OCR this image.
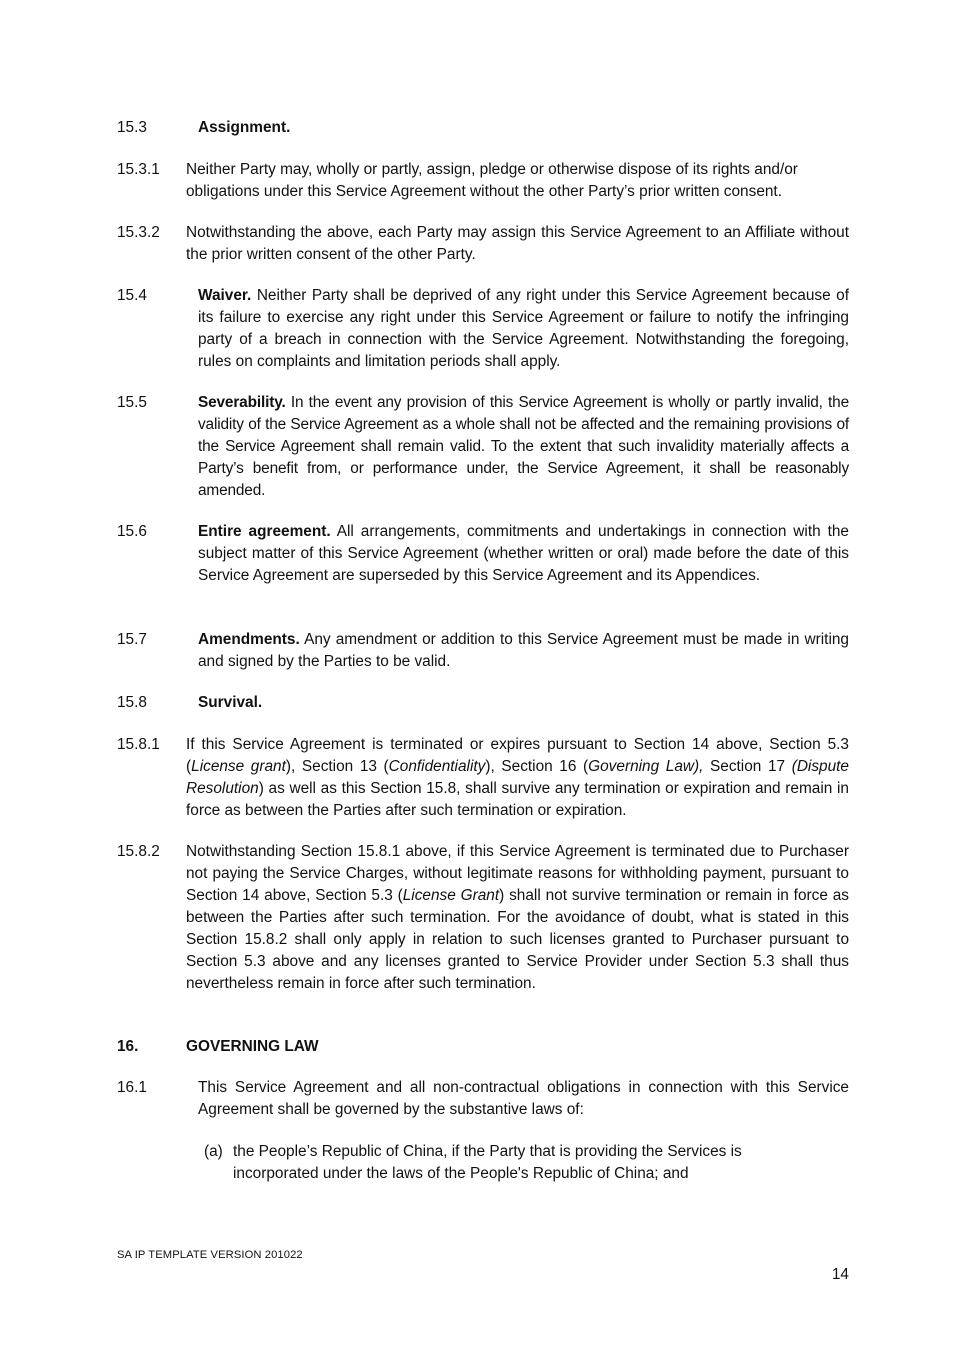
15.3	Assignment.
15.3.1 Neither Party may, wholly or partly, assign, pledge or otherwise dispose of its rights and/or obligations under this Service Agreement without the other Party’s prior written consent.
15.3.2 Notwithstanding the above, each Party may assign this Service Agreement to an Affiliate without the prior written consent of the other Party.
15.4	Waiver. Neither Party shall be deprived of any right under this Service Agreement because of its failure to exercise any right under this Service Agreement or failure to notify the infringing party of a breach in connection with the Service Agreement. Notwithstanding the foregoing, rules on complaints and limitation periods shall apply.
15.5	Severability. In the event any provision of this Service Agreement is wholly or partly invalid, the validity of the Service Agreement as a whole shall not be affected and the remaining provisions of the Service Agreement shall remain valid. To the extent that such invalidity materially affects a Party’s benefit from, or performance under, the Service Agreement, it shall be reasonably amended.
15.6	Entire agreement. All arrangements, commitments and undertakings in connection with the subject matter of this Service Agreement (whether written or oral) made before the date of this Service Agreement are superseded by this Service Agreement and its Appendices.
15.7	Amendments. Any amendment or addition to this Service Agreement must be made in writing and signed by the Parties to be valid.
15.8	Survival.
15.8.1 If this Service Agreement is terminated or expires pursuant to Section 14 above, Section 5.3 (License grant), Section 13 (Confidentiality), Section 16 (Governing Law), Section 17 (Dispute Resolution) as well as this Section 15.8, shall survive any termination or expiration and remain in force as between the Parties after such termination or expiration.
15.8.2 Notwithstanding Section 15.8.1 above, if this Service Agreement is terminated due to Purchaser not paying the Service Charges, without legitimate reasons for withholding payment, pursuant to Section 14 above, Section 5.3 (License Grant) shall not survive termination or remain in force as between the Parties after such termination. For the avoidance of doubt, what is stated in this Section 15.8.2 shall only apply in relation to such licenses granted to Purchaser pursuant to Section 5.3 above and any licenses granted to Service Provider under Section 5.3 shall thus nevertheless remain in force after such termination.
16.	GOVERNING LAW
16.1	This Service Agreement and all non-contractual obligations in connection with this Service Agreement shall be governed by the substantive laws of:
(a) the People’s Republic of China, if the Party that is providing the Services is incorporated under the laws of the People's Republic of China; and
SA IP TEMPLATE VERSION 201022
14
